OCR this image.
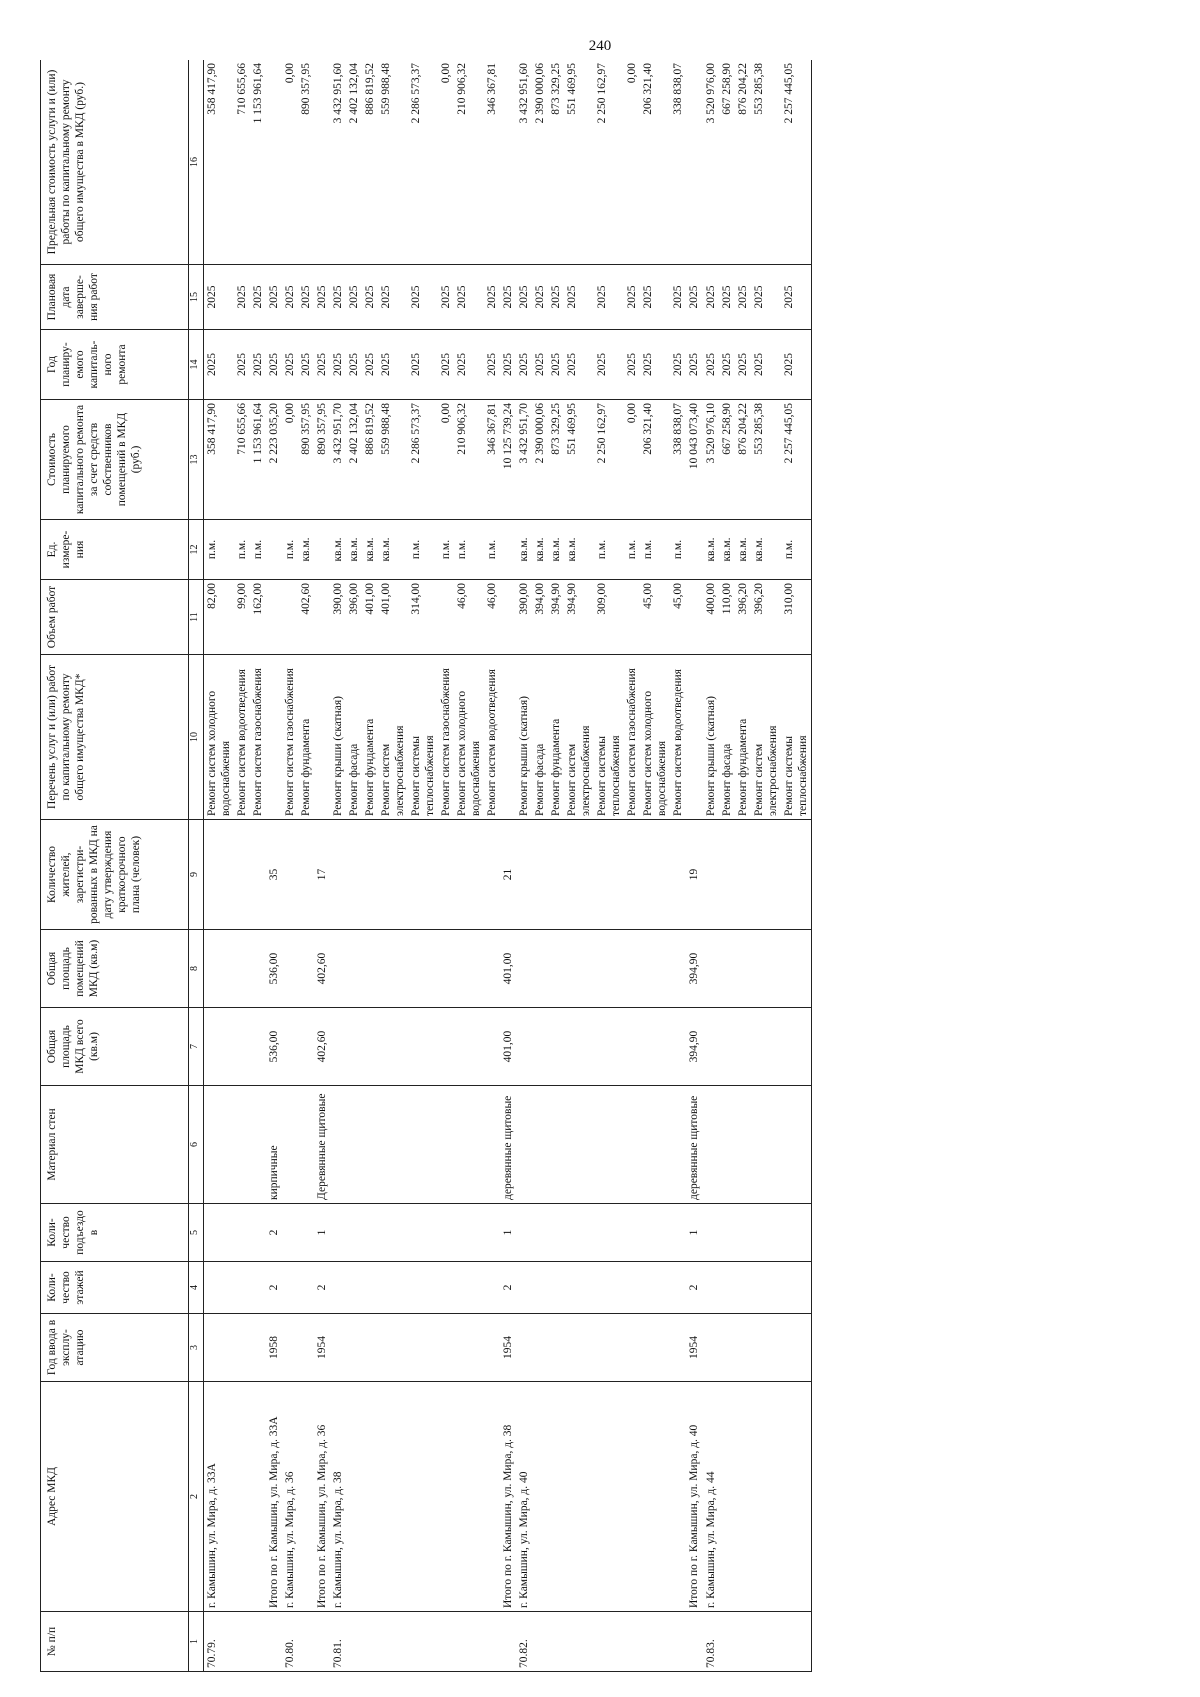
240
№ п/п	Адрес МКД	Год ввода в эксплу-атацию	Коли-чество этажей	Коли-чество подъездо в	Материал стен	Общая площадь МКД всего (кв.м)	Общая площадь помещений МКД (кв.м)	Количество жителей, зарегистри-рованных в МКД на дату утверждения краткосрочного плана (человек)	Перечень услуг и (или) работ по капитальному ремонту общего имущества МКД*	Объем работ	Ед. измере-ния	Стоимость планируемого капитального ремонта за счет средств собственников помещений в МКД (руб.)	Год планиру-емого капиталь-ного ремонта	Плановая дата заверше-ния работ	Предельная стоимость услуги и (или) работы по капитальному ремонту общего имущества в МКД (руб.)
1	2	3	4	5	6	7	8	9	10	11	12	13	14	15	16
70.79.	г. Камышин, ул. Мира, д. 33А								Ремонт систем холодного водоснабжения	82,00	п.м.	358 417,90	2025	2025	358 417,90
									Ремонт систем водоотведения	99,00	п.м.	710 655,66	2025	2025	710 655,66
									Ремонт систем газоснабжения	162,00	п.м.	1 153 961,64	2025	2025	1 153 961,64
	Итого по г. Камышин, ул. Мира, д. 33А	1958	2	2	кирпичные	536,00	536,00	35				2 223 035,20	2025	2025	
70.80.	г. Камышин, ул. Мира, д. 36								Ремонт систем газоснабжения		п.м.	0,00	2025	2025	0,00
									Ремонт фундамента	402,60	кв.м.	890 357,95	2025	2025	890 357,95
	Итого по г. Камышин, ул. Мира, д. 36	1954	2	1	Деревянные щитовые	402,60	402,60	17				890 357,95	2025	2025	
70.81.	г. Камышин, ул. Мира, д. 38								Ремонт крыши (скатная)	390,00	кв.м.	3 432 951,70	2025	2025	3 432 951,60
									Ремонт фасада	396,00	кв.м.	2 402 132,04	2025	2025	2 402 132,04
									Ремонт фундамента	401,00	кв.м.	886 819,52	2025	2025	886 819,52
									Ремонт систем электроснабжения	401,00	кв.м.	559 988,48	2025	2025	559 988,48
									Ремонт системы теплоснабжения	314,00	п.м.	2 286 573,37	2025	2025	2 286 573,37
									Ремонт систем газоснабжения		п.м.	0,00	2025	2025	0,00
									Ремонт систем холодного водоснабжения	46,00	п.м.	210 906,32	2025	2025	210 906,32
									Ремонт систем водоотведения	46,00	п.м.	346 367,81	2025	2025	346 367,81
	Итого по г. Камышин, ул. Мира, д. 38	1954	2	1	деревянные щитовые	401,00	401,00	21				10 125 739,24	2025	2025	
70.82.	г. Камышин, ул. Мира, д. 40								Ремонт крыши (скатная)	390,00	кв.м.	3 432 951,70	2025	2025	3 432 951,60
									Ремонт фасада	394,00	кв.м.	2 390 000,06	2025	2025	2 390 000,06
									Ремонт фундамента	394,90	кв.м.	873 329,25	2025	2025	873 329,25
									Ремонт систем электроснабжения	394,90	кв.м.	551 469,95	2025	2025	551 469,95
									Ремонт системы теплоснабжения	309,00	п.м.	2 250 162,97	2025	2025	2 250 162,97
									Ремонт систем газоснабжения		п.м.	0,00	2025	2025	0,00
									Ремонт систем холодного водоснабжения	45,00	п.м.	206 321,40	2025	2025	206 321,40
									Ремонт систем водоотведения	45,00	п.м.	338 838,07	2025	2025	338 838,07
	Итого по г. Камышин, ул. Мира, д. 40	1954	2	1	деревянные щитовые	394,90	394,90	19				10 043 073,40	2025	2025	
70.83.	г. Камышин, ул. Мира, д. 44								Ремонт крыши (скатная)	400,00	кв.м.	3 520 976,10	2025	2025	3 520 976,00
									Ремонт фасада	110,00	кв.м.	667 258,90	2025	2025	667 258,90
									Ремонт фундамента	396,20	кв.м.	876 204,22	2025	2025	876 204,22
									Ремонт систем электроснабжения	396,20	кв.м.	553 285,38	2025	2025	553 285,38
									Ремонт системы теплоснабжения	310,00	п.м.	2 257 445,05	2025	2025	2 257 445,05
